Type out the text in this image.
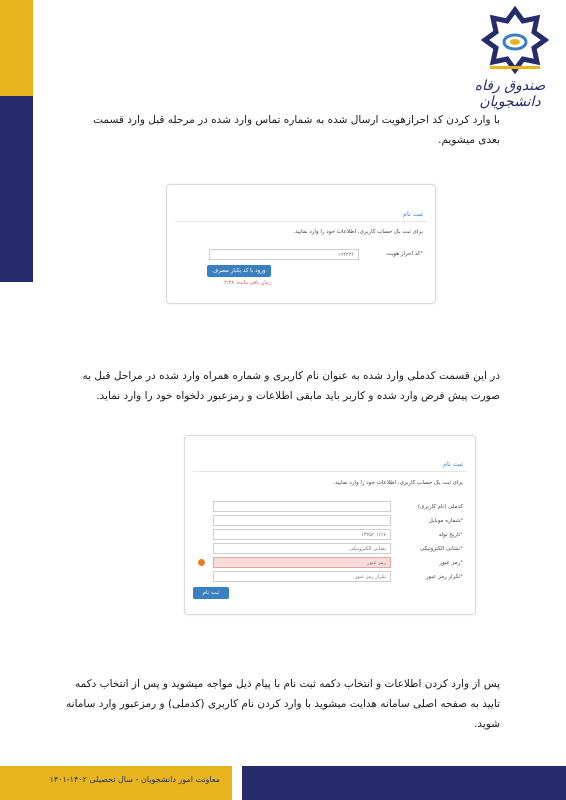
صندوق رفاه دانشجویان

با وارد کردن کد احرازهویت ارسال شده به شماره تماس وارد شده در مرحله قبل وارد قسمت بعدی میشویم.

ثبت نام
برای ثبت یک حساب کاربری، اطلاعات خود را وارد نمایید.
*کد احراز هویت
۱۹۴۲۳۶
ورود با کد یکبار مصرف
زمان باقی مانده: ۰۲:۳۸

در این قسمت کدملی وارد شده به عنوان نام کاربری و شماره همراه وارد شده در مراحل قبل به صورت پیش فرض وارد شده و کاربر باید مابقی اطلاعات و رمزعبور دلخواه خود را وارد نماید.

ثبت نام
برای ثبت یک حساب کاربری، اطلاعات خود را وارد نمایید.
کدملی (نام کاربری)
*شماره موبایل
*تاریخ تولد
۱۳۷۵/۰۱/۱۷
*نشانی الکترونیکی
نشانی الکترونیکی
*رمز عبور
رمز عبور
*تکرار رمز عبور
تکرار رمز عبور
ثبت نام

پس از وارد کردن اطلاعات و انتخاب دکمه ثبت نام با پیام ذیل مواجه میشوید و پس از انتخاب دکمه تایید به صفحه اصلی سامانه هدایت میشوید با وارد کردن نام کاربری (کدملی) و رمزعبور وارد سامانه شوید.

معاونت امور دانشجویان - سال تحصیلی ۱۴۰۲-۱۴۰۱
